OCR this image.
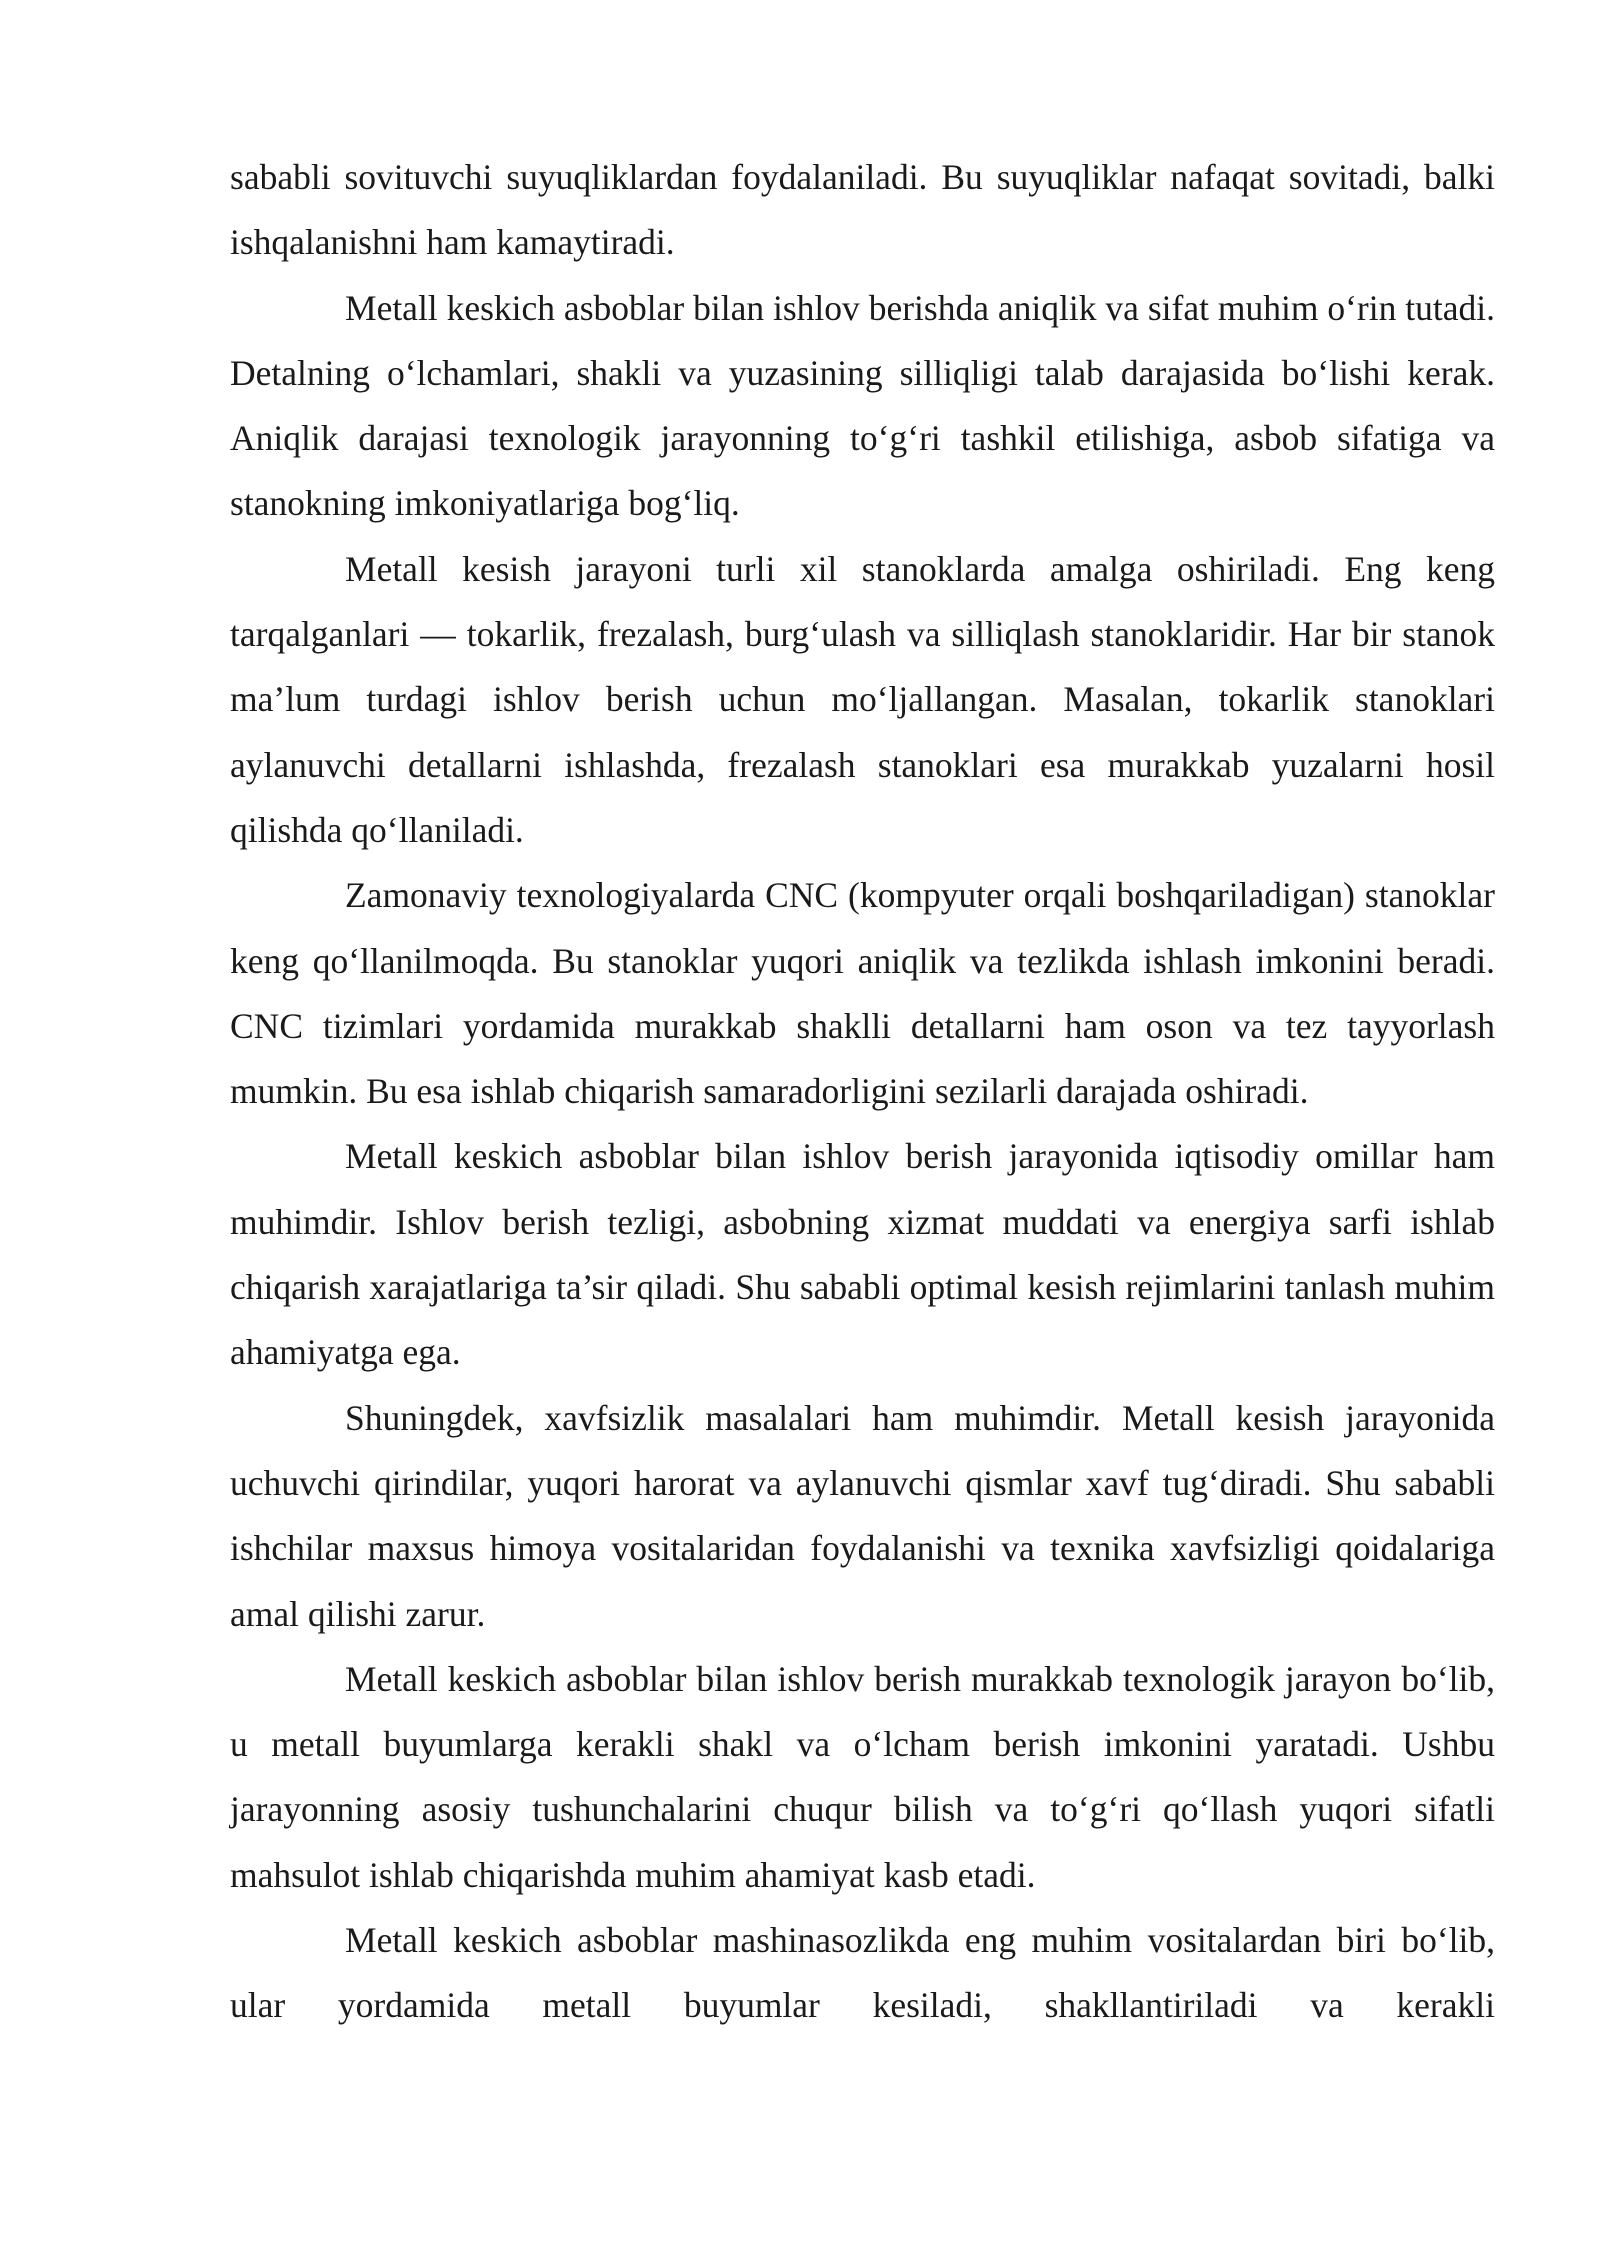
sababli sovituvchi suyuqliklardan foydalaniladi. Bu suyuqliklar nafaqat sovitadi, balki ishqalanishni ham kamaytiradi.

Metall keskich asboblar bilan ishlov berishda aniqlik va sifat muhim o‘rin tutadi. Detalning o‘lchamlari, shakli va yuzasining silliqligi talab darajasida bo‘lishi kerak. Aniqlik darajasi texnologik jarayonning to‘g‘ri tashkil etilishiga, asbob sifatiga va stanokning imkoniyatlariga bog‘liq.

Metall kesish jarayoni turli xil stanoklarda amalga oshiriladi. Eng keng tarqalganlari — tokarlik, frezalash, burg‘ulash va silliqlash stanoklaridir. Har bir stanok ma’lum turdagi ishlov berish uchun mo‘ljallangan. Masalan, tokarlik stanoklari aylanuvchi detallarni ishlashda, frezalash stanoklari esa murakkab yuzalarni hosil qilishda qo‘llaniladi.

Zamonaviy texnologiyalarda CNC (kompyuter orqali boshqariladigan) stanoklar keng qo‘llanilmoqda. Bu stanoklar yuqori aniqlik va tezlikda ishlash imkonini beradi. CNC tizimlari yordamida murakkab shaklli detallarni ham oson va tez tayyorlash mumkin. Bu esa ishlab chiqarish samaradorligini sezilarli darajada oshiradi.

Metall keskich asboblar bilan ishlov berish jarayonida iqtisodiy omillar ham muhimdir. Ishlov berish tezligi, asbobning xizmat muddati va energiya sarfi ishlab chiqarish xarajatlariga ta’sir qiladi. Shu sababli optimal kesish rejimlarini tanlash muhim ahamiyatga ega.

Shuningdek, xavfsizlik masalalari ham muhimdir. Metall kesish jarayonida uchuvchi qirindilar, yuqori harorat va aylanuvchi qismlar xavf tug‘diradi. Shu sababli ishchilar maxsus himoya vositalaridan foydalanishi va texnika xavfsizligi qoidalariga amal qilishi zarur.

Metall keskich asboblar bilan ishlov berish murakkab texnologik jarayon bo‘lib, u metall buyumlarga kerakli shakl va o‘lcham berish imkonini yaratadi. Ushbu jarayonning asosiy tushunchalarini chuqur bilish va to‘g‘ri qo‘llash yuqori sifatli mahsulot ishlab chiqarishda muhim ahamiyat kasb etadi.

Metall keskich asboblar mashinasozlikda eng muhim vositalardan biri bo‘lib, ular yordamida metall buyumlar kesiladi, shakllantiriladi va kerakli
